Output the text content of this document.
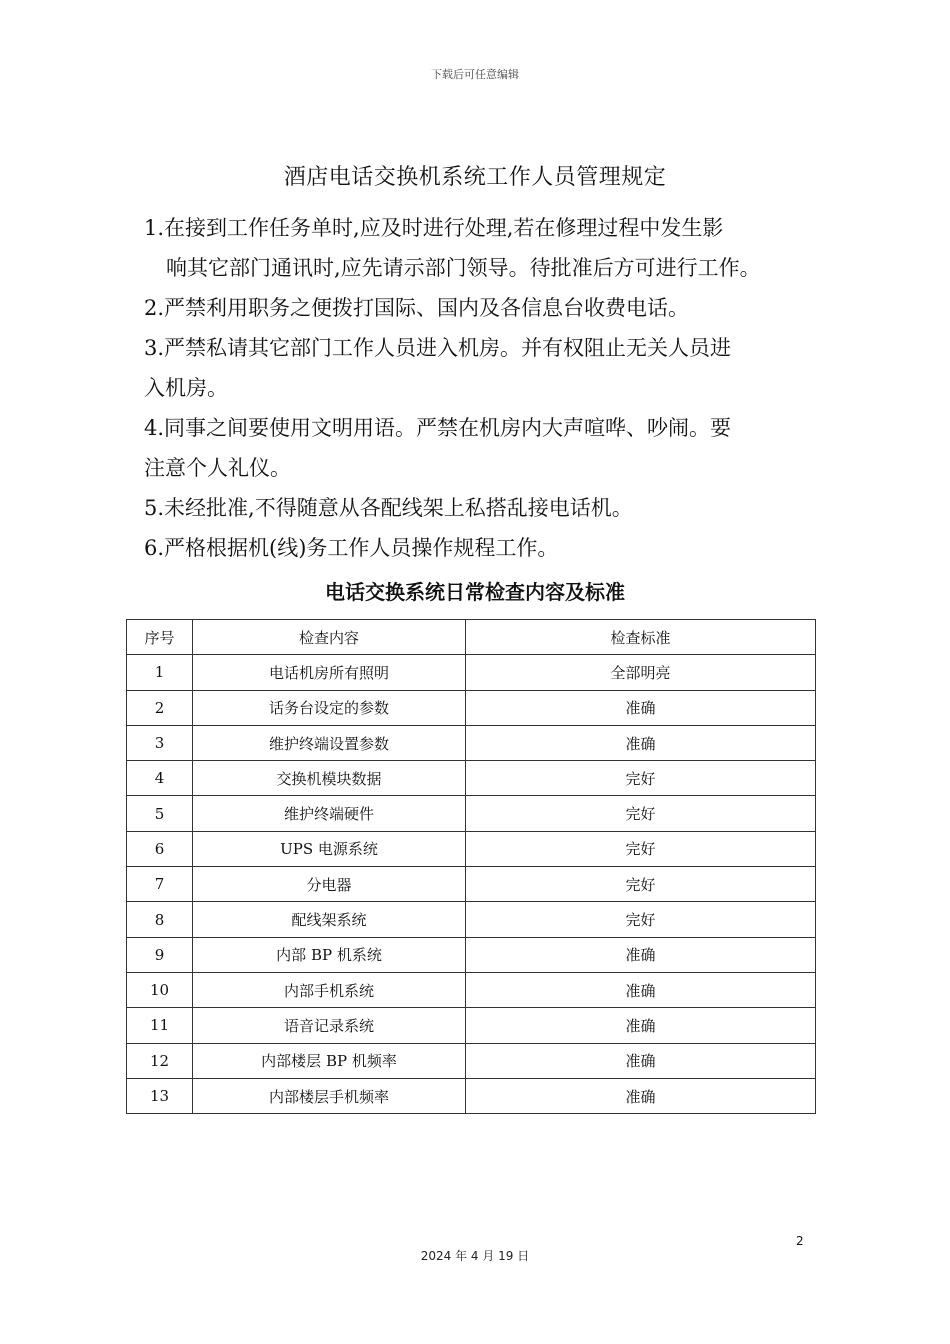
下载后可任意编辑
酒店电话交换机系统工作人员管理规定

1.在接到工作任务单时,应及时进行处理,若在修理过程中发生影
响其它部门通讯时,应先请示部门领导。待批准后方可进行工作。

2.严禁利用职务之便拨打国际、国内及各信息台收费电话。

3.严禁私请其它部门工作人员进入机房。并有权阻止无关人员进
入机房。

4.同事之间要使用文明用语。严禁在机房内大声喧哗、吵闹。要
注意个人礼仪。

5.未经批准,不得随意从各配线架上私搭乱接电话机。

6.严格根据机(线)务工作人员操作规程工作。

电话交换系统日常检查内容及标准
序号	检查内容	检查标准
1	电话机房所有照明	全部明亮
2	话务台设定的参数	准确
3	维护终端设置参数	准确
4	交换机模块数据	完好
5	维护终端硬件	完好
6	UPS 电源系统	完好
7	分电器	完好
8	配线架系统	完好
9	内部 BP 机系统	准确
10	内部手机系统	准确
11	语音记录系统	准确
12	内部楼层 BP 机频率	准确
13	内部楼层手机频率	准确
2
2024 年 4 月 19 日
